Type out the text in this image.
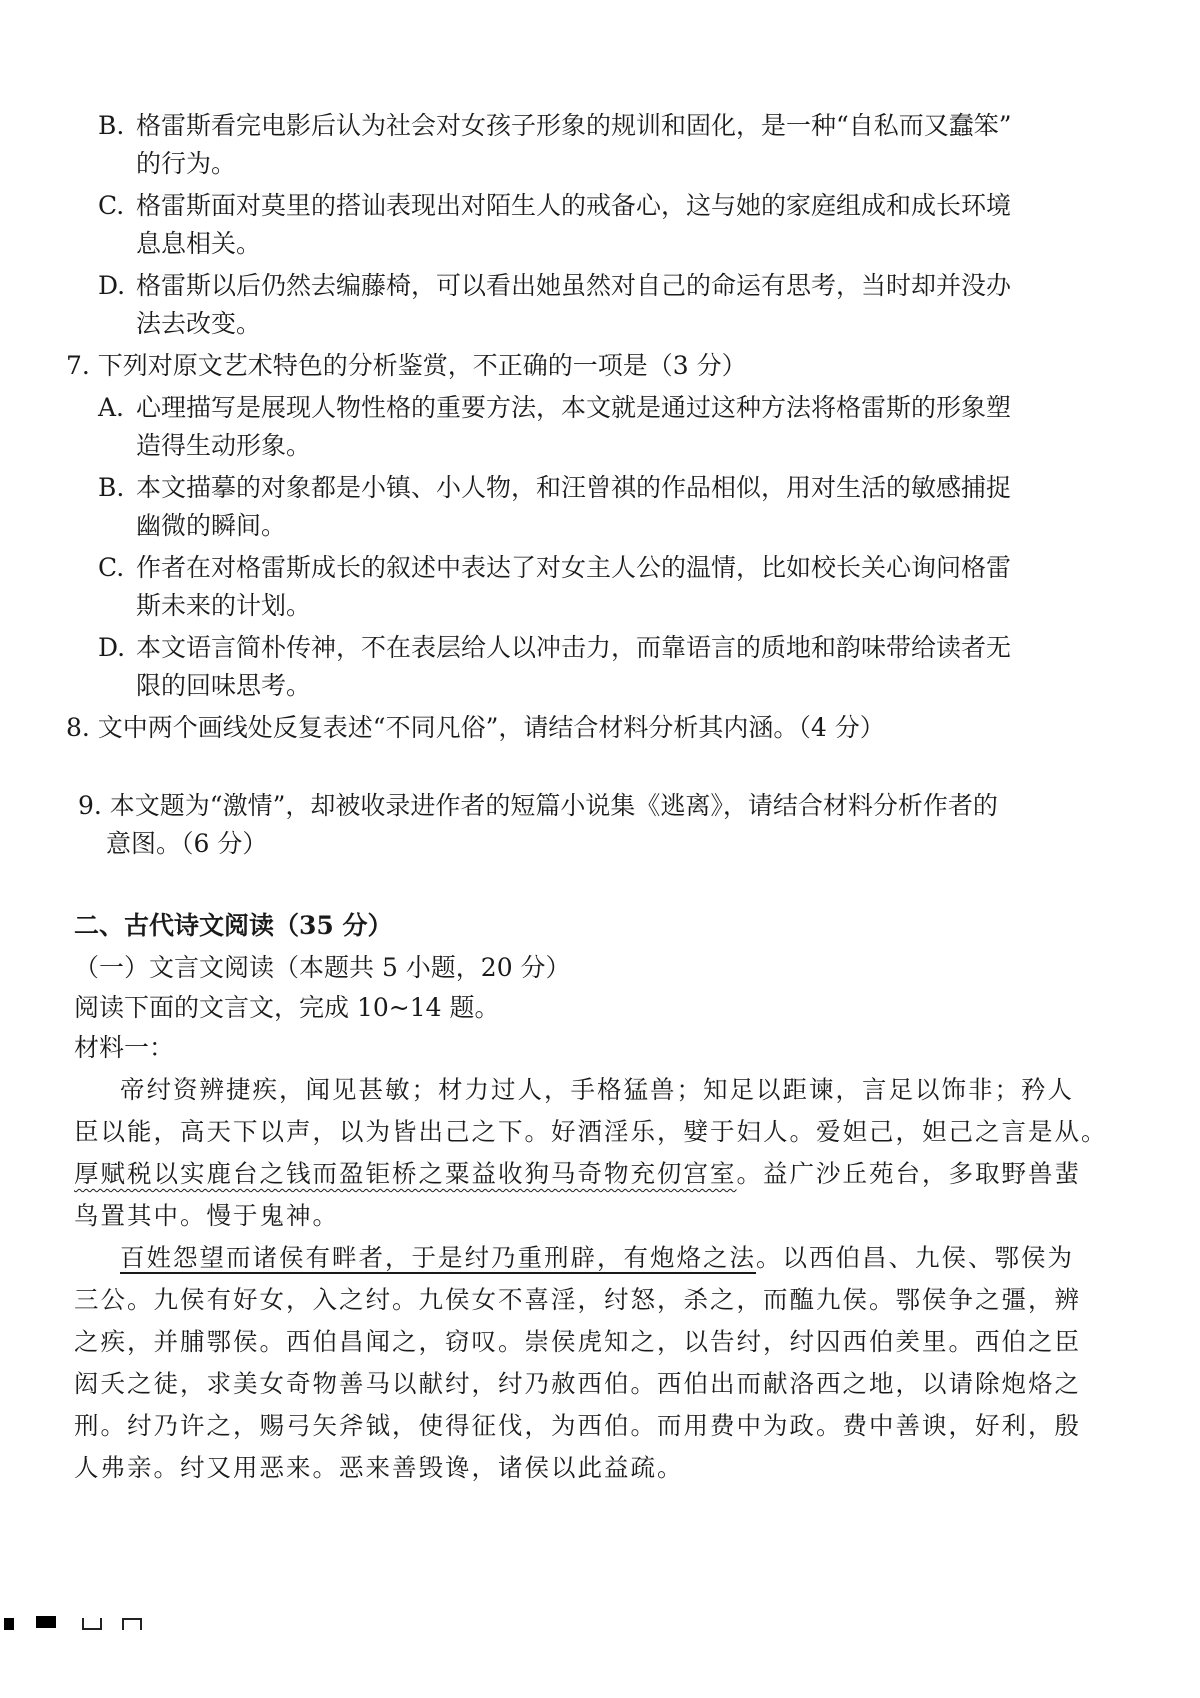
B. 格雷斯看完电影后认为社会对女孩子形象的规训和固化，是一种“自私而又蠢笨”
的行为。
C. 格雷斯面对莫里的搭讪表现出对陌生人的戒备心，这与她的家庭组成和成长环境
息息相关。
D. 格雷斯以后仍然去编藤椅，可以看出她虽然对自己的命运有思考，当时却并没办
法去改变。
7. 下列对原文艺术特色的分析鉴赏，不正确的一项是（3 分）
A. 心理描写是展现人物性格的重要方法，本文就是通过这种方法将格雷斯的形象塑
造得生动形象。
B. 本文描摹的对象都是小镇、小人物，和汪曾祺的作品相似，用对生活的敏感捕捉
幽微的瞬间。
C. 作者在对格雷斯成长的叙述中表达了对女主人公的温情，比如校长关心询问格雷
斯未来的计划。
D. 本文语言简朴传神，不在表层给人以冲击力，而靠语言的质地和韵味带给读者无
限的回味思考。
8. 文中两个画线处反复表述“不同凡俗”，请结合材料分析其内涵。（4 分）
9. 本文题为“激情”，却被收录进作者的短篇小说集《逃离》，请结合材料分析作者的
意图。（6 分）
二、古代诗文阅读（35 分）
（一）文言文阅读（本题共 5 小题，20 分）
阅读下面的文言文，完成 10~14 题。
材料一：
帝纣资辨捷疾，闻见甚敏；材力过人，手格猛兽；知足以距谏，言足以饰非；矜人
臣以能，高天下以声，以为皆出己之下。好酒淫乐，嬖于妇人。爱妲己，妲己之言是从。
厚赋税以实鹿台之钱而盈钜桥之粟益收狗马奇物充仞宫室。益广沙丘苑台，多取野兽蜚
鸟置其中。慢于鬼神。
百姓怨望而诸侯有畔者，于是纣乃重刑辟，有炮烙之法。以西伯昌、九侯、鄂侯为
三公。九侯有好女，入之纣。九侯女不喜淫，纣怒，杀之，而醢九侯。鄂侯争之彊，辨
之疾，并脯鄂侯。西伯昌闻之，窃叹。崇侯虎知之，以告纣，纣囚西伯羑里。西伯之臣
闳夭之徒，求美女奇物善马以献纣，纣乃赦西伯。西伯出而献洛西之地，以请除炮烙之
刑。纣乃许之，赐弓矢斧钺，使得征伐，为西伯。而用费中为政。费中善谀，好利，殷
人弗亲。纣又用恶来。恶来善毁谗，诸侯以此益疏。
